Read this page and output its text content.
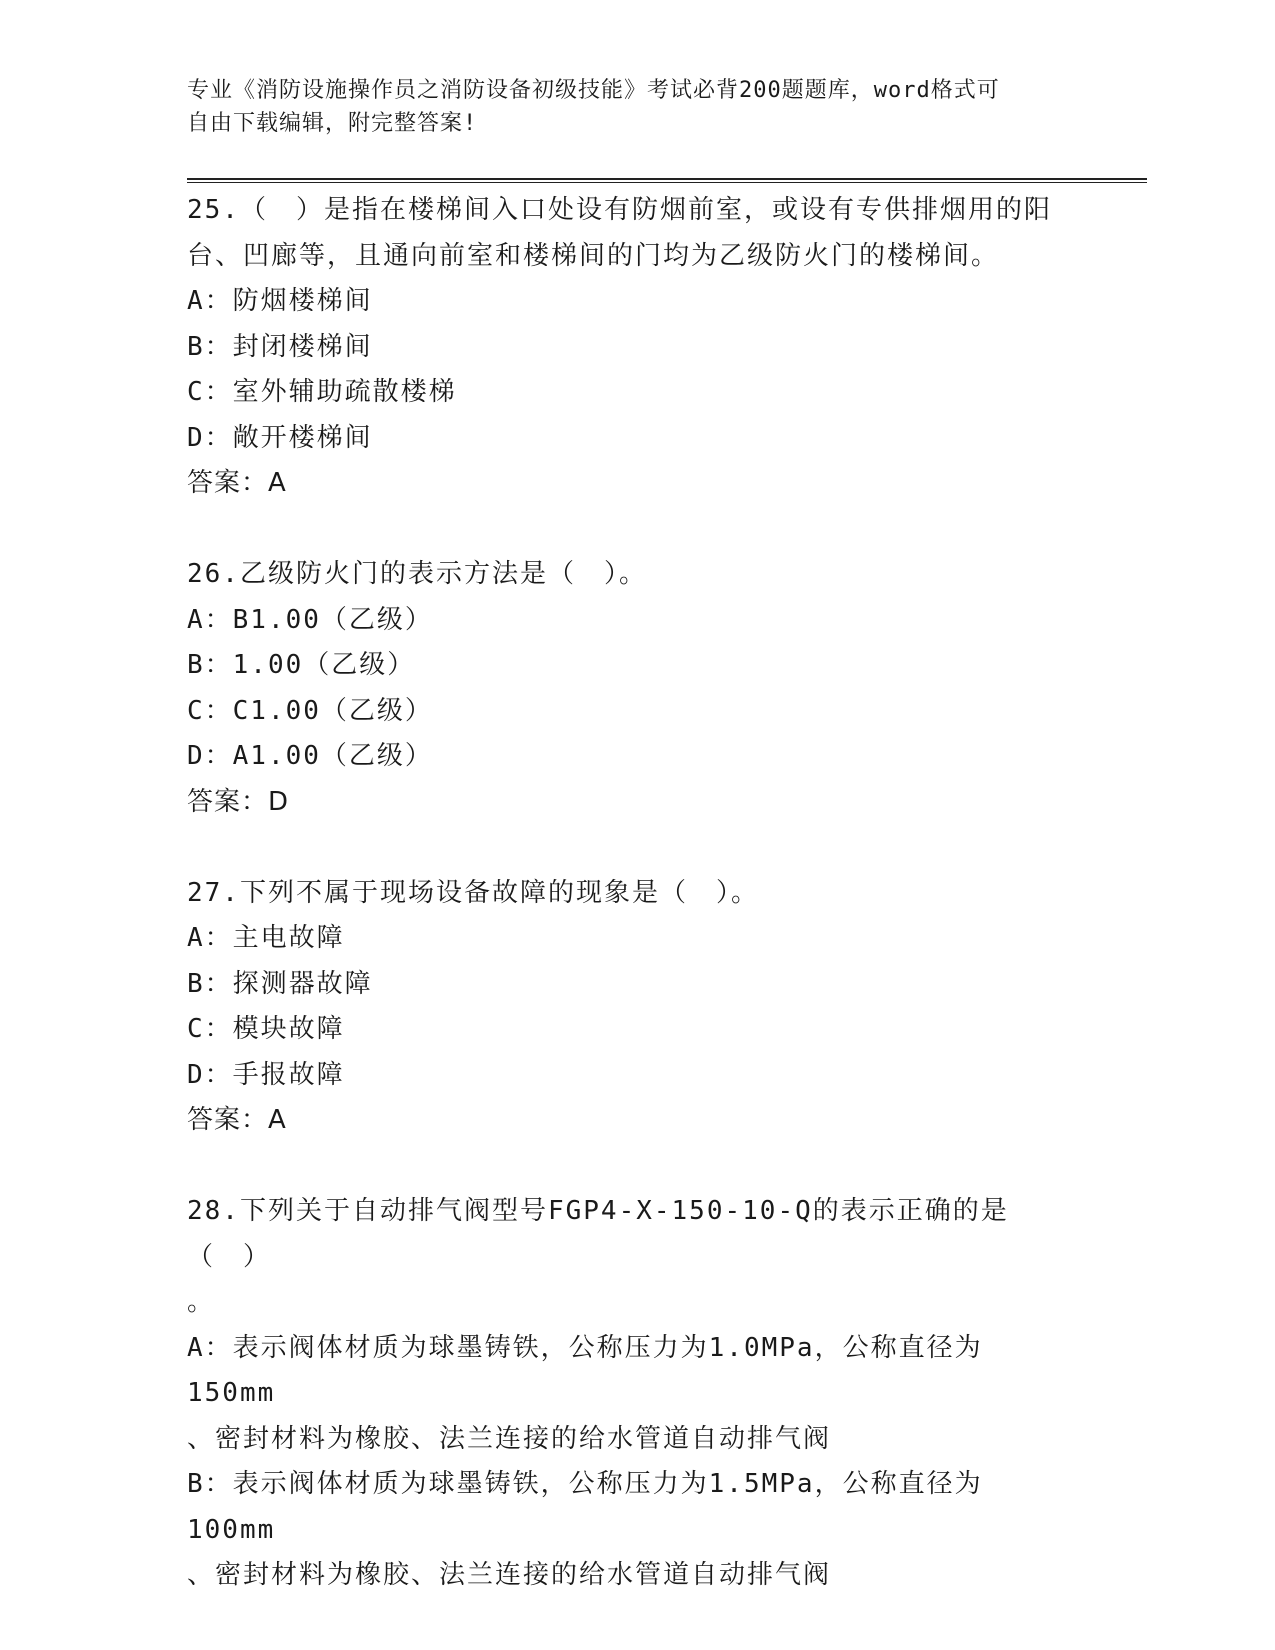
专业《消防设施操作员之消防设备初级技能》考试必背200题题库，word格式可
自由下载编辑，附完整答案!
25.（　）是指在楼梯间入口处设有防烟前室，或设有专供排烟用的阳
台、凹廊等，且通向前室和楼梯间的门均为乙级防火门的楼梯间。
A：防烟楼梯间
B：封闭楼梯间
C：室外辅助疏散楼梯
D：敞开楼梯间
答案：A
26.乙级防火门的表示方法是（　）。
A：B1.00（乙级）
B：1.00（乙级）
C：C1.00（乙级）
D：A1.00（乙级）
答案：D
27.下列不属于现场设备故障的现象是（　）。
A：主电故障
B：探测器故障
C：模块故障
D：手报故障
答案：A
28.下列关于自动排气阀型号FGP4-X-150-10-Q的表示正确的是（　）
。
A：表示阀体材质为球墨铸铁，公称压力为1.0MPa，公称直径为150mm
、密封材料为橡胶、法兰连接的给水管道自动排气阀
B：表示阀体材质为球墨铸铁，公称压力为1.5MPa，公称直径为100mm
、密封材料为橡胶、法兰连接的给水管道自动排气阀
